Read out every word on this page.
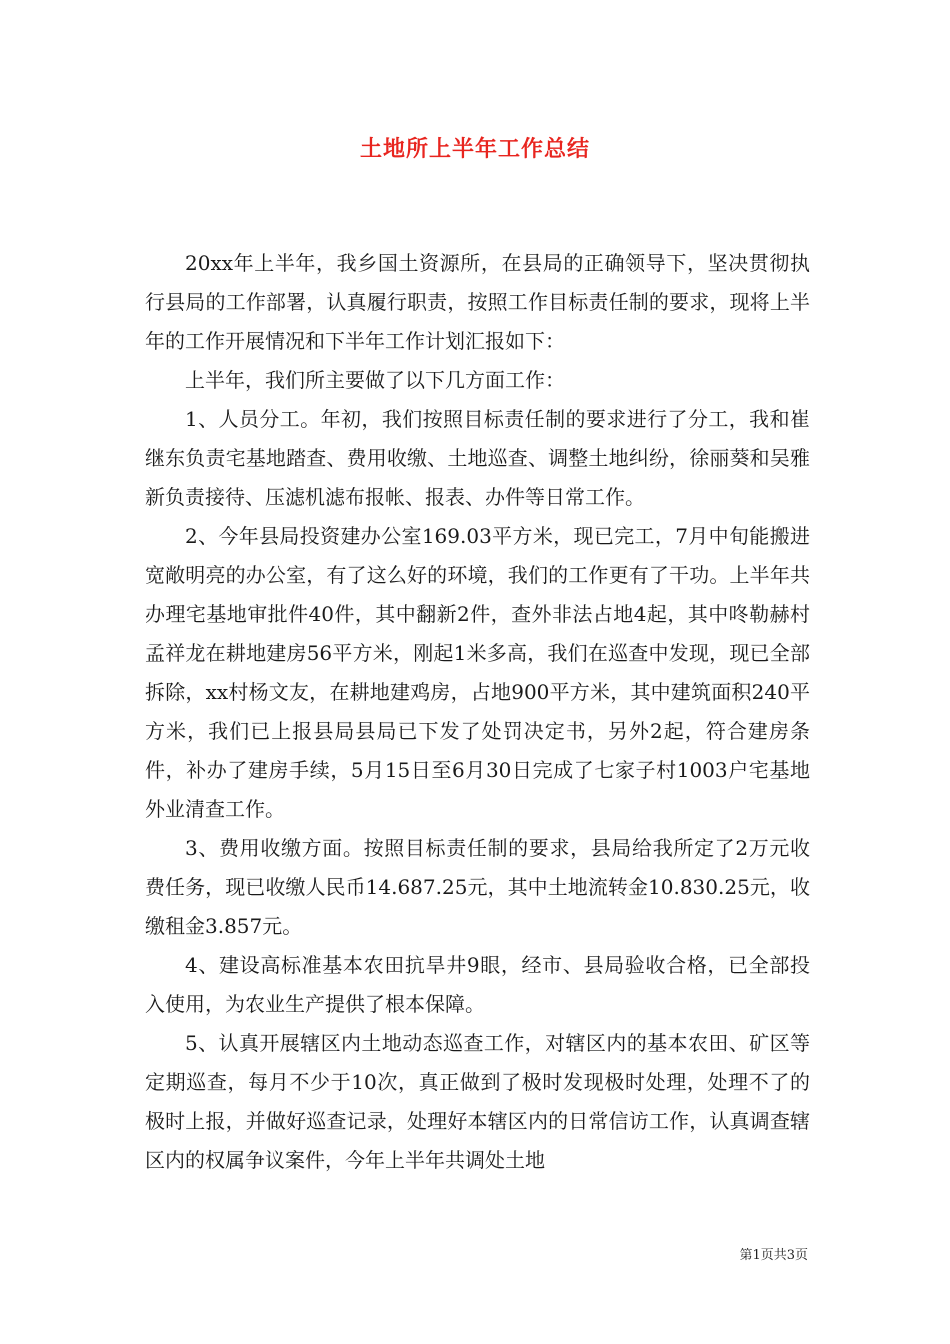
土地所上半年工作总结

20xx年上半年，我乡国土资源所，在县局的正确领导下，坚决贯彻执行县局的工作部署，认真履行职责，按照工作目标责任制的要求，现将上半年的工作开展情况和下半年工作计划汇报如下：

上半年，我们所主要做了以下几方面工作：

1、人员分工。年初，我们按照目标责任制的要求进行了分工，我和崔继东负责宅基地踏查、费用收缴、土地巡查、调整土地纠纷，徐丽葵和吴雅新负责接待、压滤机滤布报帐、报表、办件等日常工作。

2、今年县局投资建办公室169.03平方米，现已完工，7月中旬能搬进宽敞明亮的办公室，有了这么好的环境，我们的工作更有了干功。上半年共办理宅基地审批件40件，其中翻新2件，查外非法占地4起，其中咚勒赫村孟祥龙在耕地建房56平方米，刚起1米多高，我们在巡查中发现，现已全部拆除，xx村杨文友，在耕地建鸡房，占地900平方米，其中建筑面积240平方米，我们已上报县局县局已下发了处罚决定书，另外2起，符合建房条件，补办了建房手续，5月15日至6月30日完成了七家子村1003户宅基地外业清查工作。

3、费用收缴方面。按照目标责任制的要求，县局给我所定了2万元收费任务，现已收缴人民币14.687.25元，其中土地流转金10.830.25元，收缴租金3.857元。

4、建设高标准基本农田抗旱井9眼，经市、县局验收合格，已全部投入使用，为农业生产提供了根本保障。

5、认真开展辖区内土地动态巡查工作，对辖区内的基本农田、矿区等定期巡查，每月不少于10次，真正做到了极时发现极时处理，处理不了的极时上报，并做好巡查记录，处理好本辖区内的日常信访工作，认真调查辖区内的权属争议案件，今年上半年共调处土地

第1页共3页
